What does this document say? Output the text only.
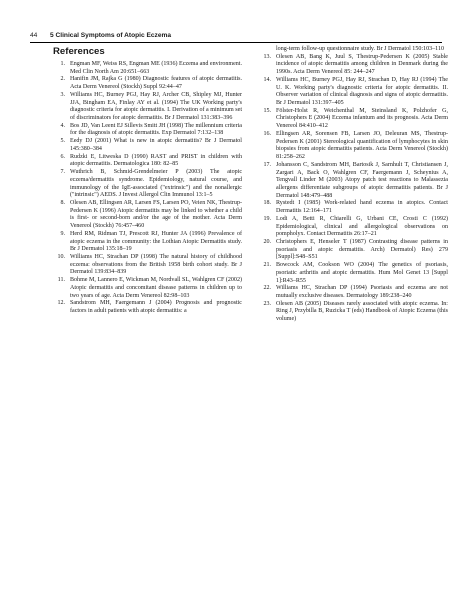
44	5 Clinical Symptoms of Atopic Eczema
References
1. Engman MF, Weiss RS, Engman ME (1936) Eczema and environment. Med Clin North Am 20:651–663
2. Hanifin JM, Rajka G (1980) Diagnostic features of atopic dermatitis. Acta Derm Venereol (Stockh) Suppl 92:44–47
3. Williams HC, Burney PGJ, Hay RJ, Archer CB, Shipley MJ, Hunter JJA, Bingham EA, Finlay AY et al. (1994) The UK Working party's diagnostic criteria for atopic dermatitis. I. Derivation of a minimum set of discriminators for atopic dermatitis. Br J Dermatol 131:383–396
4. Bos JD, Van Leent EJ Sillevis Smitt JH (1998) The millennium criteria for the diagnosis of atopic dermatitis. Exp Dermatol 7:132–138
5. Eedy DJ (2001) What is new in atopic dermatitis? Br J Dermatol 145:380–384
6. Rudzki E, Litweska D (1990) RAST and PRIST in children with atopic dermatitis. Dermatologica 180: 82–85
7. Wuthrich B, Schmid-Grendelmeier P (2003) The atopic eczema/dermatitis syndrome. Epidemiology, natural course, and immunology of the IgE-associated ("extrinsic") and the nonallergic ("intrinsic") AEDS. J Invest Allergol Clin Immunol 13:1–5
8. Olesen AB, Ellingsen AR, Larsen FS, Larsen PO, Veien NK, Thestrup-Pedersen K (1996) Atopic dermatitis may be linked to whether a child is first- or second-born and/or the age of the mother. Acta Derm Venereol (Stockh) 76:457–460
9. Herd RM, Ridman TJ, Prescott RJ, Hunter JA (1996) Prevalence of atopic eczema in the community: the Lothian Atopic Dermatitis study. Br J Dermatol 135:18–19
10. Williams HC, Strachan DP (1998) The natural history of childhood eczema: observations from the British 1958 birth cohort study. Br J Dermatol 139:834–839
11. Bohme M, Lannero E, Wickman M, Nordvall SL, Wahlgren CF (2002) Atopic dermatitis and concomitant disease patterns in children up to two years of age. Acta Derm Venereol 82:98–103
12. Sandstrom MH, Faergemann J (2004) Prognosis and prognostic factors in adult patients with atopic dermatitis: a
long-term follow-up questionnaire study. Br J Dermatol 150:103–110
13. Olesen AB, Bang K, Juul S, Thestrup-Pedersen K (2005) Stable incidence of atopic dermatitis among children in Denmark during the 1990s. Acta Derm Venereol 85: 244–247
14. Williams HC, Burney PGJ, Hay RJ, Strachan D, Hay RJ (1994) The U. K. Working party's diagnostic criteria for atopic dermatitis. II. Observer variation of clinical diagnosis and signs of atopic dermatitis. Br J Dermatol 131:397–405
15. Fölster-Holst R, Weichenthal M, Steinsland K, Polzhofer G, Christophers E (2004) Eczema infantum and its prognosis. Acta Derm Venereol 84:410–412
16. Ellingsen AR, Sorensen FB, Larsen JO, Deleuran MS, Thestrup-Pedersen K (2001) Stereological quantification of lymphocytes in skin biopsies from atopic dermatitis patients. Acta Derm Venereol (Stockh) 81:258–262
17. Johansson C, Sandstrom MH, Bartosik J, Sarnhult T, Christiansen J, Zargari A, Back O, Wahlgren CF, Faergemann J, Scheynius A, Tengvall Linder M (2003) Atopy patch test reactions to Malassezia allergens differentiate subgroups of atopic dermatitis patients. Br J Dermatol 148:479–488
18. Rystedt I (1985) Work-related hand eczema in atopics. Contact Dermatitis 12:164–171
19. Lodi A, Betti R, Chiarelli G, Urbani CE, Crosti C (1992) Epidemiological, clinical and allergological observations on pompholyx. Contact Dermatitis 26:17–21
20. Christophers E, Henseler T (1987) Contrasting disease patterns in psoriasis and atopic dermatitis. Arch) Dermatol) Res) 279 [Suppl]:S48–S51
21. Bowcock AM, Cookson WO (2004) The genetics of psoriasis, psoriatic arthritis and atopic dermatitis. Hum Mol Genet 13 [Suppl 1]:R43–R55
22. Williams HC, Strachan DP (1994) Psoriasis and eczema are not mutually exclusive diseases. Dermatology 189:238–240
23. Olesen AB (2005) Diseases rarely associated with atopic eczema. In: Ring J, Przybilla B, Ruzicka T (eds) Handbook of Atopic Eczema (this volume)
